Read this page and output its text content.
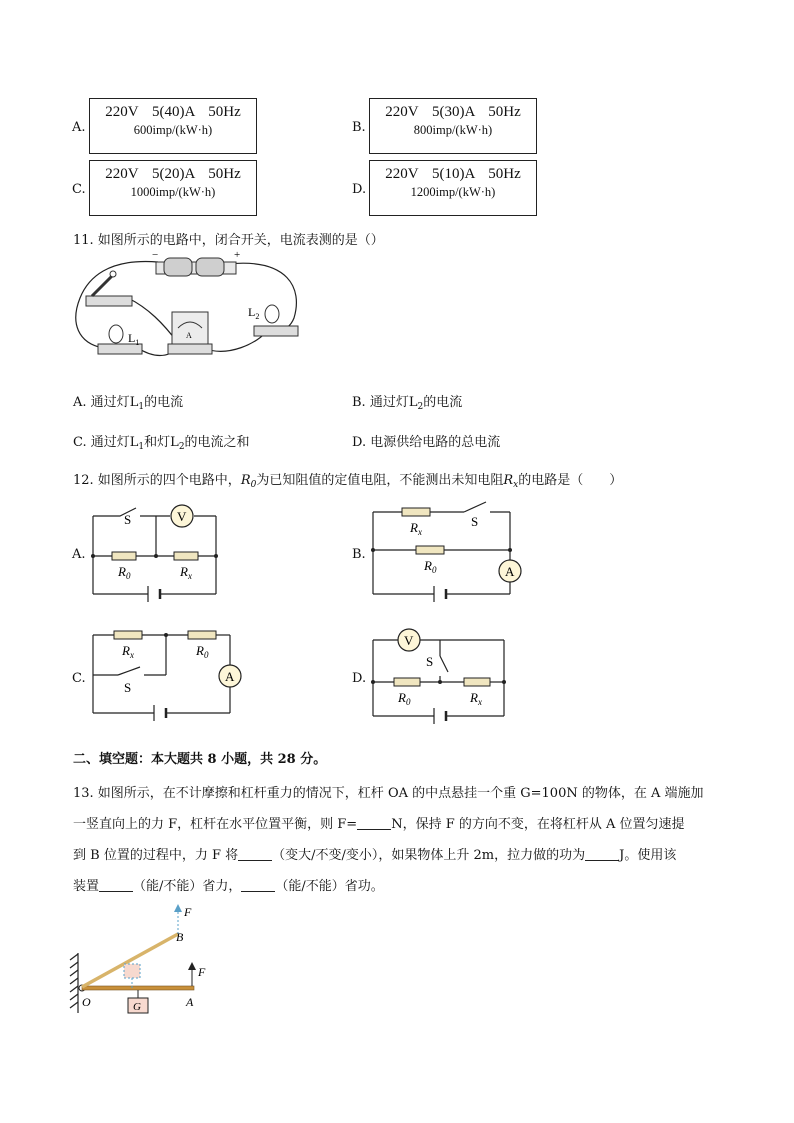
A.
220V 5(40)A 50Hz
600imp/(kW·h)	B.
220V 5(30)A 50Hz
800imp/(kW·h)
C.
220V 5(20)A 50Hz
1000imp/(kW·h)	D.
220V 5(10)A 50Hz
1200imp/(kW·h)
11. 如图所示的电路中，闭合开关，电流表测的是（）
−	+
$L_1$
A
$L_2$
A. 通过灯$L_1$的电流	B. 通过灯$L_2$的电流
C. 通过灯$L_1$和灯$L_2$的电流之和	D. 电源供给电路的总电流
12. 如图所示的四个电路中，$R_0$为已知阻值的定值电阻，不能测出未知电阻$R_x$的电路是（　　）
A.
V
S
$R_0$	$R_x$
B.
A
S
$R_x$
$R_0$
C.	A
$R_x$	$R_0$
S
D.
V
S
$R_0$	$R_x$
二、填空题：本大题共 8 小题，共 28 分。
13. 如图所示，在不计摩擦和杠杆重力的情况下，杠杆 OA 的中点悬挂一个重 G=100N 的物体，在 A 端施加
一竖直向上的力 F，杠杆在水平位置平衡，则 F=	N，保持 F 的方向不变，在将杠杆从 A 位置匀速提
到 B 位置的过程中，力 F 将	（变大/不变/变小），如果物体上升 2m，拉力做的功为	J。使用该
装置	（能/不能）省力，	（能/不能）省功。
G
F
B
F
A
O
